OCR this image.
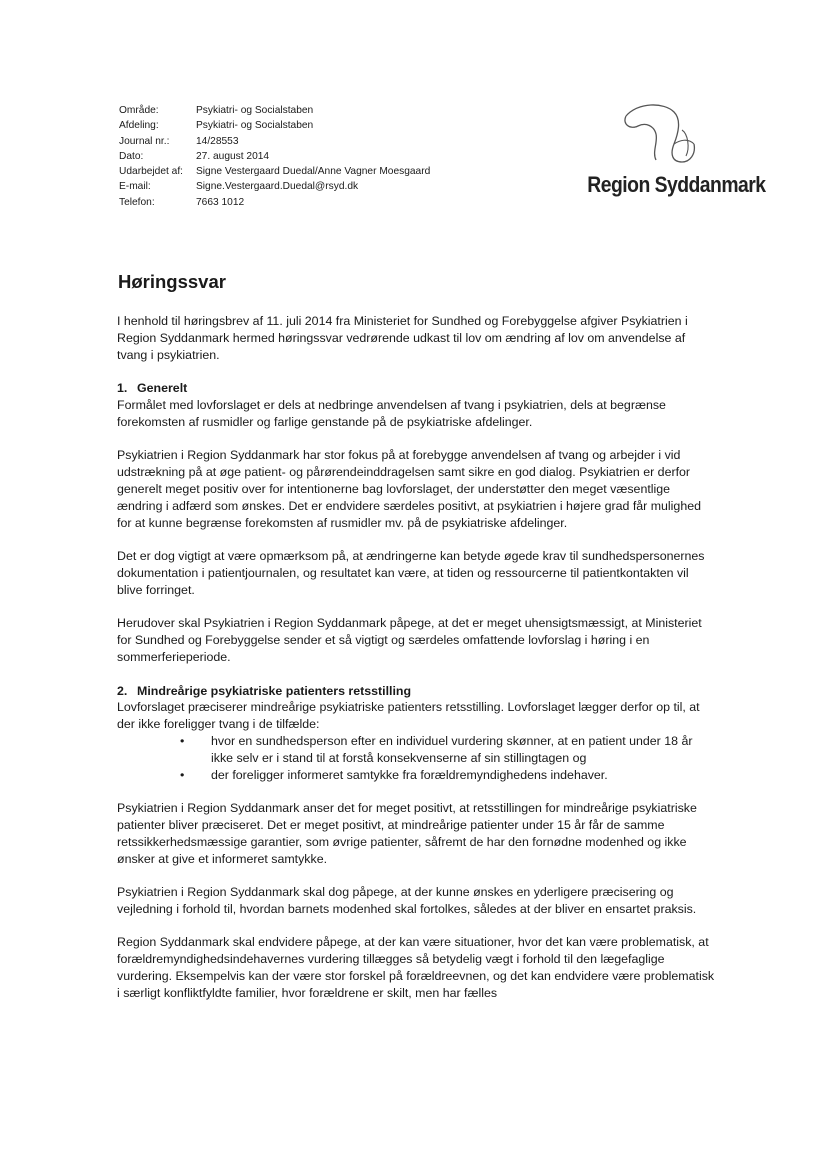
Område:	Psykiatri- og Socialstaben
Afdeling:	Psykiatri- og Socialstaben
Journal nr.:	14/28553
Dato:	27. august 2014
Udarbejdet af:	Signe Vestergaard Duedal/Anne Vagner Moesgaard
E-mail:	Signe.Vestergaard.Duedal@rsyd.dk
Telefon:	7663 1012
Region Syddanmark
Høringssvar

I henhold til høringsbrev af 11. juli 2014 fra Ministeriet for Sundhed og Forebyggelse afgiver Psykiatrien i Region Syddanmark hermed høringssvar vedrørende udkast til lov om ændring af lov om anvendelse af tvang i psykiatrien.

1. Generelt

Formålet med lovforslaget er dels at nedbringe anvendelsen af tvang i psykiatrien, dels at begrænse forekomsten af rusmidler og farlige genstande på de psykiatriske afdelinger.

Psykiatrien i Region Syddanmark har stor fokus på at forebygge anvendelsen af tvang og arbejder i vid udstrækning på at øge patient- og pårørendeinddragelsen samt sikre en god dialog. Psykiatrien er derfor generelt meget positiv over for intentionerne bag lovforslaget, der understøtter den meget væsentlige ændring i adfærd som ønskes. Det er endvidere særdeles positivt, at psykiatrien i højere grad får mulighed for at kunne begrænse forekomsten af rusmidler mv. på de psykiatriske afdelinger.

Det er dog vigtigt at være opmærksom på, at ændringerne kan betyde øgede krav til sundhedspersonernes dokumentation i patientjournalen, og resultatet kan være, at tiden og ressourcerne til patientkontakten vil blive forringet.

Herudover skal Psykiatrien i Region Syddanmark påpege, at det er meget uhensigtsmæssigt, at Ministeriet for Sundhed og Forebyggelse sender et så vigtigt og særdeles omfattende lovforslag i høring i en sommerferieperiode.

2. Mindreårige psykiatriske patienters retsstilling

Lovforslaget præciserer mindreårige psykiatriske patienters retsstilling. Lovforslaget lægger derfor op til, at der ikke foreligger tvang i de tilfælde:

• hvor en sundhedsperson efter en individuel vurdering skønner, at en patient under 18 år ikke selv er i stand til at forstå konsekvenserne af sin stillingtagen og
• der foreligger informeret samtykke fra forældremyndighedens indehaver.

Psykiatrien i Region Syddanmark anser det for meget positivt, at retsstillingen for mindreårige psykiatriske patienter bliver præciseret. Det er meget positivt, at mindreårige patienter under 15 år får de samme retssikkerhedsmæssige garantier, som øvrige patienter, såfremt de har den fornødne modenhed og ikke ønsker at give et informeret samtykke.

Psykiatrien i Region Syddanmark skal dog påpege, at der kunne ønskes en yderligere præcisering og vejledning i forhold til, hvordan barnets modenhed skal fortolkes, således at der bliver en ensartet praksis.

Region Syddanmark skal endvidere påpege, at der kan være situationer, hvor det kan være problematisk, at forældremyndighedsindehavernes vurdering tillægges så betydelig vægt i forhold til den lægefaglige vurdering. Eksempelvis kan der være stor forskel på forældreevnen, og det kan endvidere være problematisk i særligt konfliktfyldte familier, hvor forældrene er skilt, men har fælles
